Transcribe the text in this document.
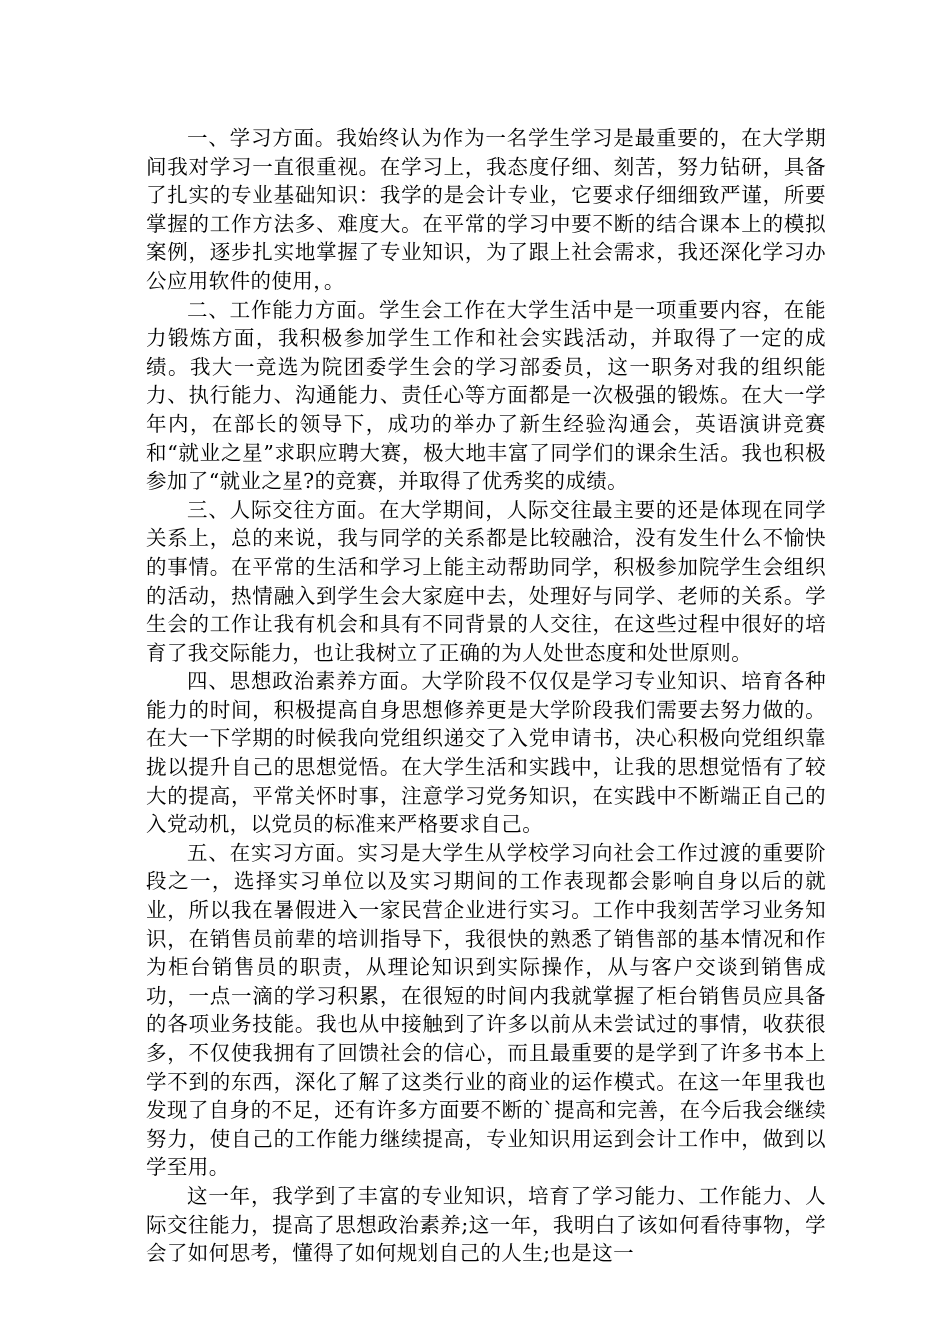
一、学习方面。我始终认为作为一名学生学习是最重要的，在大学期间我对学习一直很重视。在学习上，我态度仔细、刻苦，努力钻研，具备了扎实的专业基础知识：我学的是会计专业，它要求仔细细致严谨，所要掌握的工作方法多、难度大。在平常的学习中要不断的结合课本上的模拟案例，逐步扎实地掌握了专业知识，为了跟上社会需求，我还深化学习办公应用软件的使用，。

二、工作能力方面。学生会工作在大学生活中是一项重要内容，在能力锻炼方面，我积极参加学生工作和社会实践活动，并取得了一定的成绩。我大一竞选为院团委学生会的学习部委员，这一职务对我的组织能力、执行能力、沟通能力、责任心等方面都是一次极强的锻炼。在大一学年内，在部长的领导下，成功的举办了新生经验沟通会，英语演讲竞赛和“就业之星”求职应聘大赛，极大地丰富了同学们的课余生活。我也积极参加了“就业之星?的竞赛，并取得了优秀奖的成绩。

三、人际交往方面。在大学期间，人际交往最主要的还是体现在同学关系上，总的来说，我与同学的关系都是比较融洽，没有发生什么不愉快的事情。在平常的生活和学习上能主动帮助同学，积极参加院学生会组织的活动，热情融入到学生会大家庭中去，处理好与同学、老师的关系。学生会的工作让我有机会和具有不同背景的人交往，在这些过程中很好的培育了我交际能力，也让我树立了正确的为人处世态度和处世原则。

四、思想政治素养方面。大学阶段不仅仅是学习专业知识、培育各种能力的时间，积极提高自身思想修养更是大学阶段我们需要去努力做的。在大一下学期的时候我向党组织递交了入党申请书，决心积极向党组织靠拢以提升自己的思想觉悟。在大学生活和实践中，让我的思想觉悟有了较大的提高，平常关怀时事，注意学习党务知识，在实践中不断端正自己的入党动机，以党员的标准来严格要求自己。

五、在实习方面。实习是大学生从学校学习向社会工作过渡的重要阶段之一，选择实习单位以及实习期间的工作表现都会影响自身以后的就业，所以我在暑假进入一家民营企业进行实习。工作中我刻苦学习业务知识，在销售员前辈的培训指导下，我很快的熟悉了销售部的基本情况和作为柜台销售员的职责，从理论知识到实际操作，从与客户交谈到销售成功，一点一滴的学习积累，在很短的时间内我就掌握了柜台销售员应具备的各项业务技能。我也从中接触到了许多以前从未尝试过的事情，收获很多，不仅使我拥有了回馈社会的信心，而且最重要的是学到了许多书本上学不到的东西，深化了解了这类行业的商业的运作模式。在这一年里我也发现了自身的不足，还有许多方面要不断的`提高和完善，在今后我会继续努力，使自己的工作能力继续提高，专业知识用运到会计工作中，做到以学至用。

这一年，我学到了丰富的专业知识，培育了学习能力、工作能力、人际交往能力，提高了思想政治素养;这一年，我明白了该如何看待事物，学会了如何思考，懂得了如何规划自己的人生;也是这一
